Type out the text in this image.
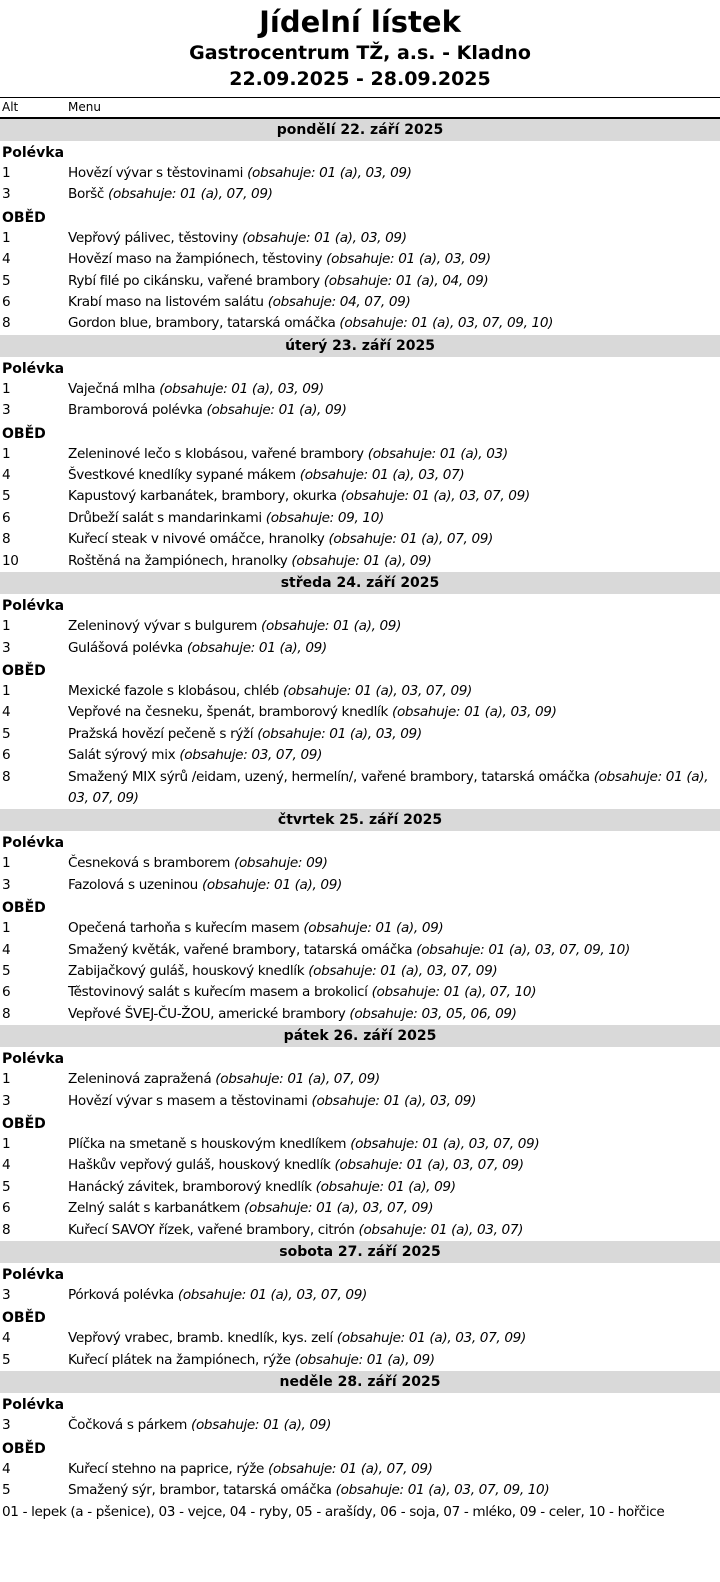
Jídelní lístek
Gastrocentrum TŽ, a.s. - Kladno
22.09.2025 - 28.09.2025
Alt	Menu
pondělí 22. září 2025
Polévka
1	Hovězí vývar s těstovinami (obsahuje: 01 (a), 03, 09)
3	Boršč (obsahuje: 01 (a), 07, 09)
OBĚD
1	Vepřový pálivec, těstoviny (obsahuje: 01 (a), 03, 09)
4	Hovězí maso na žampiónech, těstoviny (obsahuje: 01 (a), 03, 09)
5	Rybí filé po cikánsku, vařené brambory (obsahuje: 01 (a), 04, 09)
6	Krabí maso na listovém salátu (obsahuje: 04, 07, 09)
8	Gordon blue, brambory, tatarská omáčka (obsahuje: 01 (a), 03, 07, 09, 10)
úterý 23. září 2025
Polévka
1	Vaječná mlha (obsahuje: 01 (a), 03, 09)
3	Bramborová polévka (obsahuje: 01 (a), 09)
OBĚD
1	Zeleninové lečo s klobásou, vařené brambory (obsahuje: 01 (a), 03)
4	Švestkové knedlíky sypané mákem (obsahuje: 01 (a), 03, 07)
5	Kapustový karbanátek, brambory, okurka (obsahuje: 01 (a), 03, 07, 09)
6	Drůbeží salát s mandarinkami (obsahuje: 09, 10)
8	Kuřecí steak v nivové omáčce, hranolky (obsahuje: 01 (a), 07, 09)
10	Roštěná na žampiónech, hranolky (obsahuje: 01 (a), 09)
středa 24. září 2025
Polévka
1	Zeleninový vývar s bulgurem (obsahuje: 01 (a), 09)
3	Gulášová polévka (obsahuje: 01 (a), 09)
OBĚD
1	Mexické fazole s klobásou, chléb (obsahuje: 01 (a), 03, 07, 09)
4	Vepřové na česneku, špenát, bramborový knedlík (obsahuje: 01 (a), 03, 09)
5	Pražská hovězí pečeně s rýží (obsahuje: 01 (a), 03, 09)
6	Salát sýrový mix (obsahuje: 03, 07, 09)
8	Smažený MIX sýrů /eidam, uzený, hermelín/, vařené brambory, tatarská omáčka (obsahuje: 01 (a), 03, 07, 09)
čtvrtek 25. září 2025
Polévka
1	Česneková s bramborem (obsahuje: 09)
3	Fazolová s uzeninou (obsahuje: 01 (a), 09)
OBĚD
1	Opečená tarhoňa s kuřecím masem (obsahuje: 01 (a), 09)
4	Smažený květák, vařené brambory, tatarská omáčka (obsahuje: 01 (a), 03, 07, 09, 10)
5	Zabijačkový guláš, houskový knedlík (obsahuje: 01 (a), 03, 07, 09)
6	Těstovinový salát s kuřecím masem a brokolicí (obsahuje: 01 (a), 07, 10)
8	Vepřové ŠVEJ-ČU-ŽOU, americké brambory (obsahuje: 03, 05, 06, 09)
pátek 26. září 2025
Polévka
1	Zeleninová zapražená (obsahuje: 01 (a), 07, 09)
3	Hovězí vývar s masem a těstovinami (obsahuje: 01 (a), 03, 09)
OBĚD
1	Plíčka na smetaně s houskovým knedlíkem (obsahuje: 01 (a), 03, 07, 09)
4	Haškův vepřový guláš, houskový knedlík (obsahuje: 01 (a), 03, 07, 09)
5	Hanácký závitek, bramborový knedlík (obsahuje: 01 (a), 09)
6	Zelný salát s karbanátkem (obsahuje: 01 (a), 03, 07, 09)
8	Kuřecí SAVOY řízek, vařené brambory, citrón (obsahuje: 01 (a), 03, 07)
sobota 27. září 2025
Polévka
3	Pórková polévka (obsahuje: 01 (a), 03, 07, 09)
OBĚD
4	Vepřový vrabec, bramb. knedlík, kys. zelí (obsahuje: 01 (a), 03, 07, 09)
5	Kuřecí plátek na žampiónech, rýže (obsahuje: 01 (a), 09)
neděle 28. září 2025
Polévka
3	Čočková s párkem (obsahuje: 01 (a), 09)
OBĚD
4	Kuřecí stehno na paprice, rýže (obsahuje: 01 (a), 07, 09)
5	Smažený sýr, brambor, tatarská omáčka (obsahuje: 01 (a), 03, 07, 09, 10)
01 - lepek (a - pšenice), 03 - vejce, 04 - ryby, 05 - arašídy, 06 - soja, 07 - mléko, 09 - celer, 10 - hořčice
